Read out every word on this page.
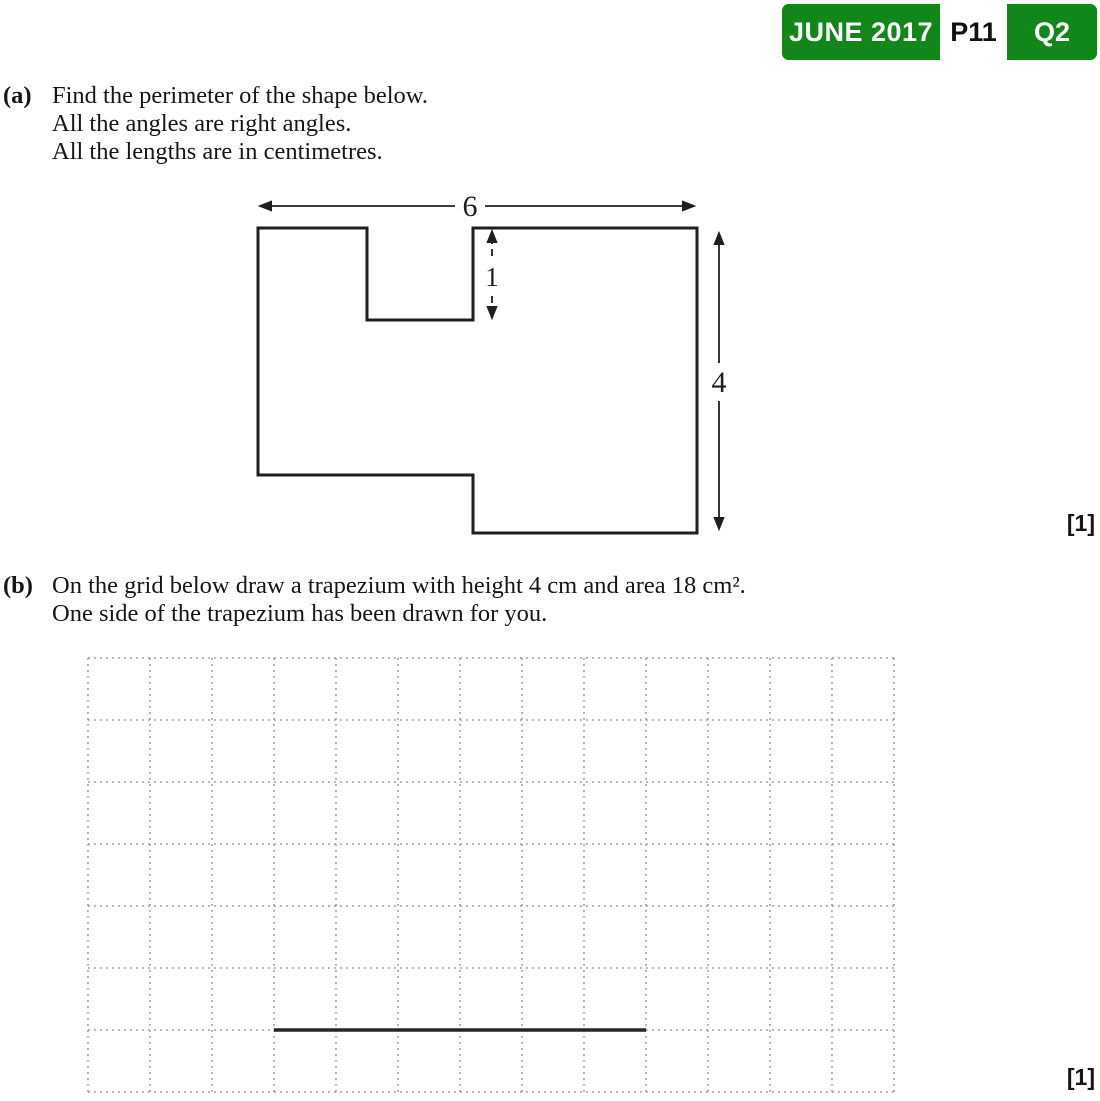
JUNE 2017 P11	Q2
(a) Find the perimeter of the shape below.
All the angles are right angles.
All the lengths are in centimetres.
6
1
4
[1]
(b) On the grid below draw a trapezium with height 4 cm and area 18 cm².
One side of the trapezium has been drawn for you.
[1]
